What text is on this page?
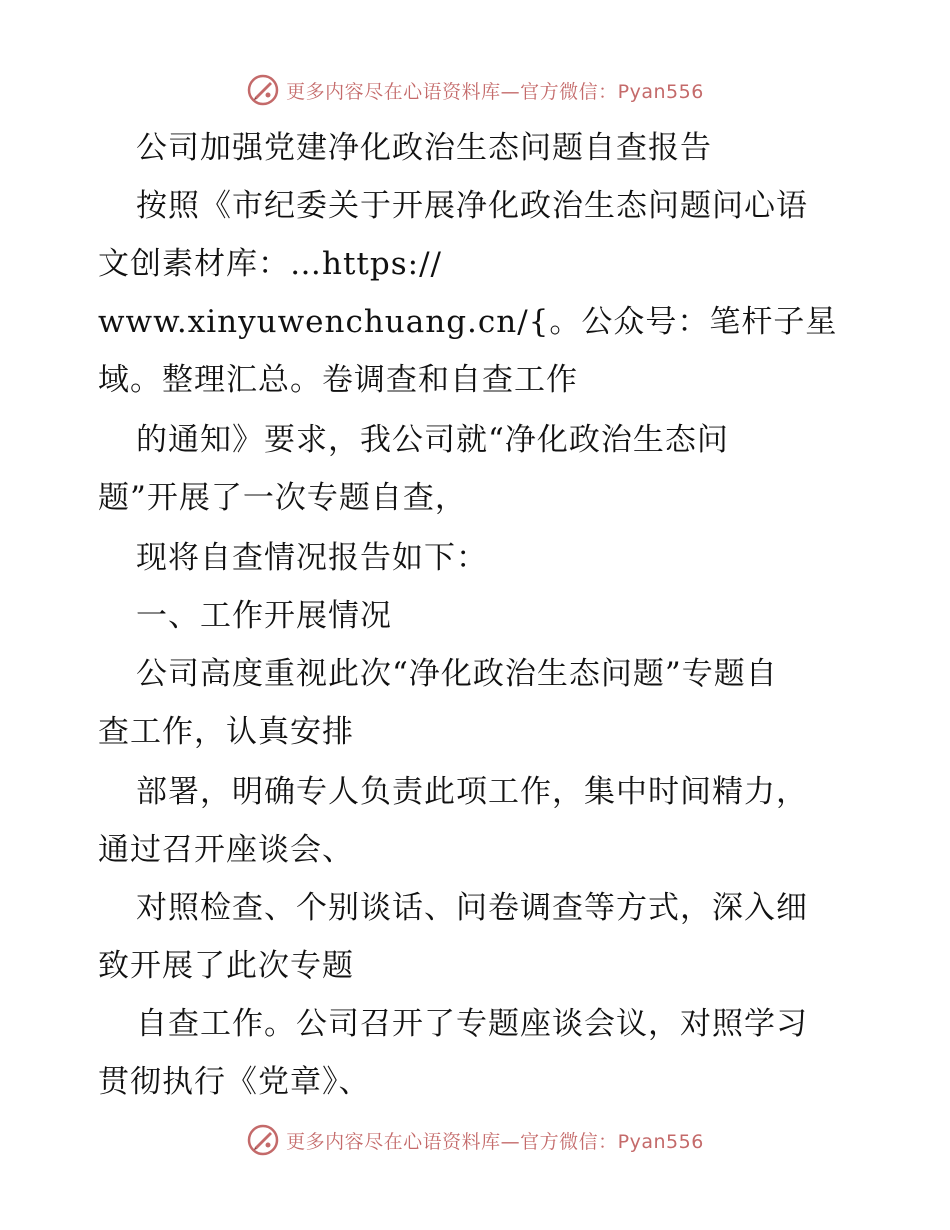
更多内容尽在心语资料库—官方微信：Pyan556
公司加强党建净化政治生态问题自查报告
按照《市纪委关于开展净化政治生态问题问心语
文创素材库：…https://
www.xinyuwenchuang.cn/{。公众号：笔杆子星
域。整理汇总。卷调查和自查工作
的通知》要求，我公司就“净化政治生态问
题”开展了一次专题自查，
现将自查情况报告如下：
一、工作开展情况
公司高度重视此次“净化政治生态问题”专题自
查工作，认真安排
部署，明确专人负责此项工作，集中时间精力，
通过召开座谈会、
对照检查、个别谈话、问卷调查等方式，深入细
致开展了此次专题
自查工作。公司召开了专题座谈会议，对照学习
贯彻执行《党章》、
更多内容尽在心语资料库—官方微信：Pyan556
